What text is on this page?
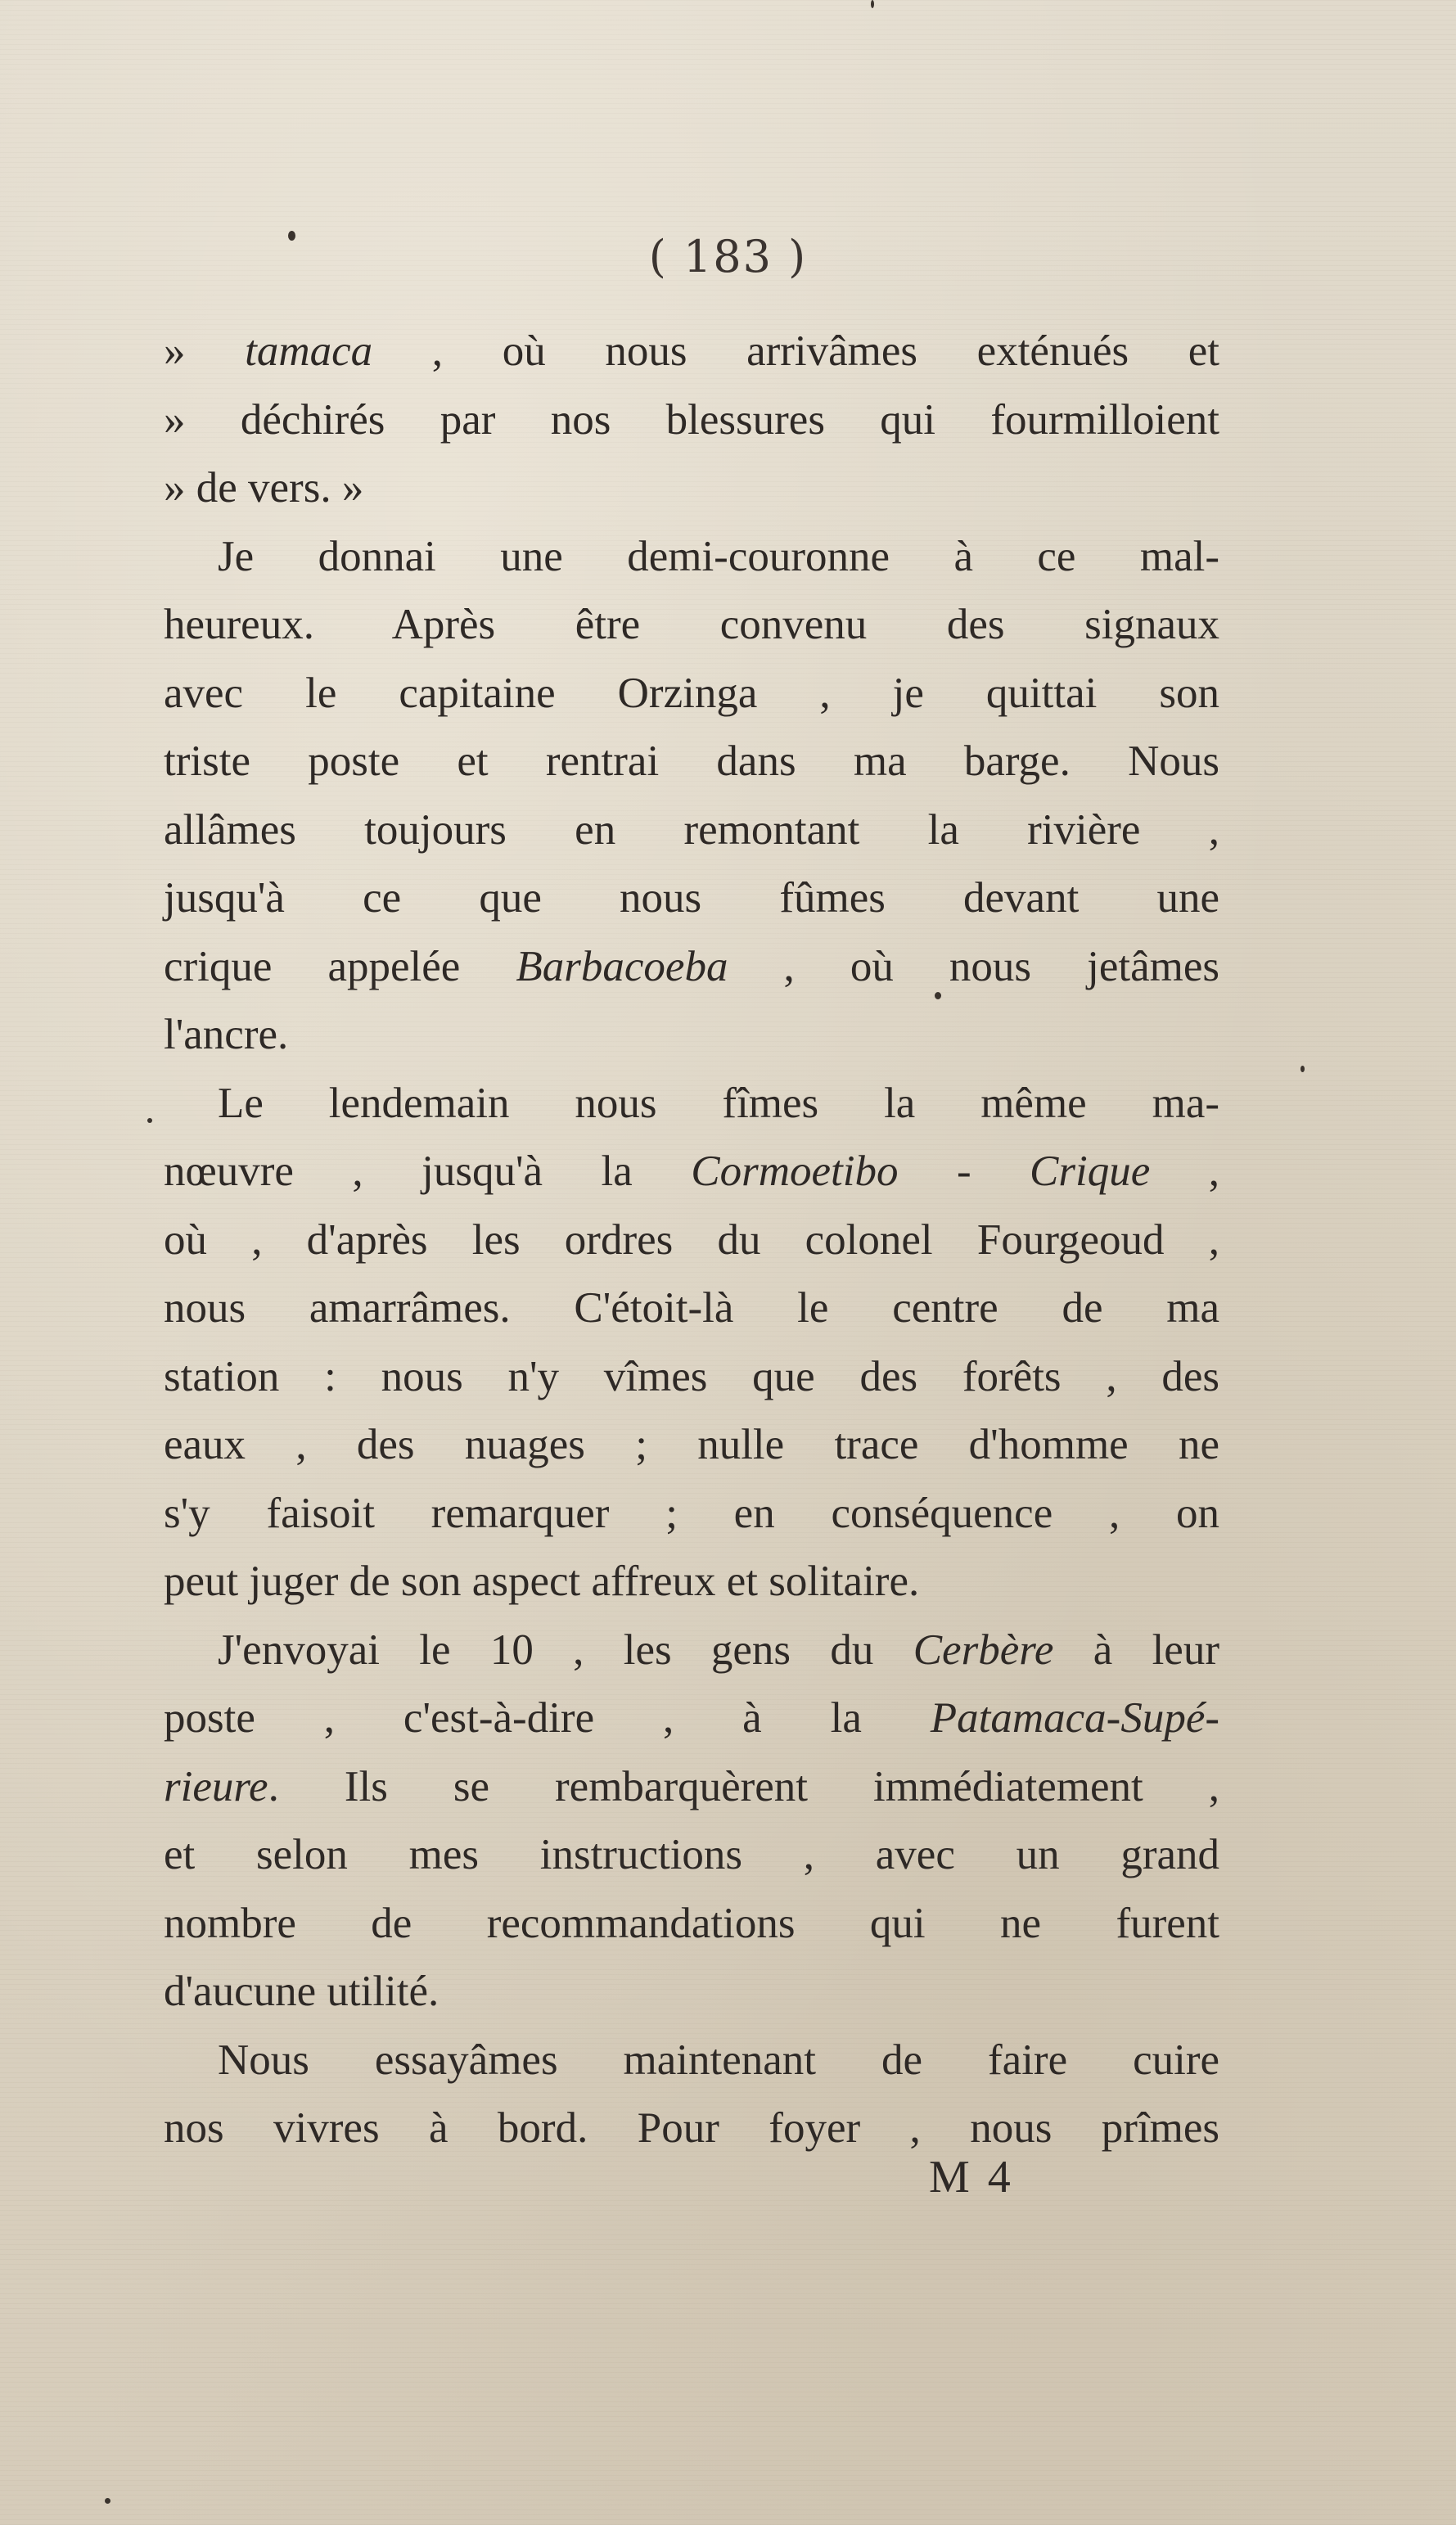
( 183 )
» tamaca , où nous arrivâmes exténués et
» déchirés par nos blessures qui fourmilloient
» de vers. »
Je donnai une demi-couronne à ce mal-
heureux. Après être convenu des signaux
avec le capitaine Orzinga , je quittai son
triste poste et rentrai dans ma barge. Nous
allâmes toujours en remontant la rivière ,
jusqu'à ce que nous fûmes devant une
crique appelée Barbacoeba , où nous jetâmes
l'ancre.
Le lendemain nous fîmes la même ma-
nœuvre , jusqu'à la Cormoetibo - Crique ,
où , d'après les ordres du colonel Fourgeoud ,
nous amarrâmes. C'étoit-là le centre de ma
station : nous n'y vîmes que des forêts , des
eaux , des nuages ; nulle trace d'homme ne
s'y faisoit remarquer ; en conséquence , on
peut juger de son aspect affreux et solitaire.
J'envoyai le 10 , les gens du Cerbère à leur
poste , c'est-à-dire , à la Patamaca-Supé-
rieure. Ils se rembarquèrent immédiatement ,
et selon mes instructions , avec un grand
nombre de recommandations qui ne furent
d'aucune utilité.
Nous essayâmes maintenant de faire cuire
nos vivres à bord. Pour foyer , nous prîmes
M 4
